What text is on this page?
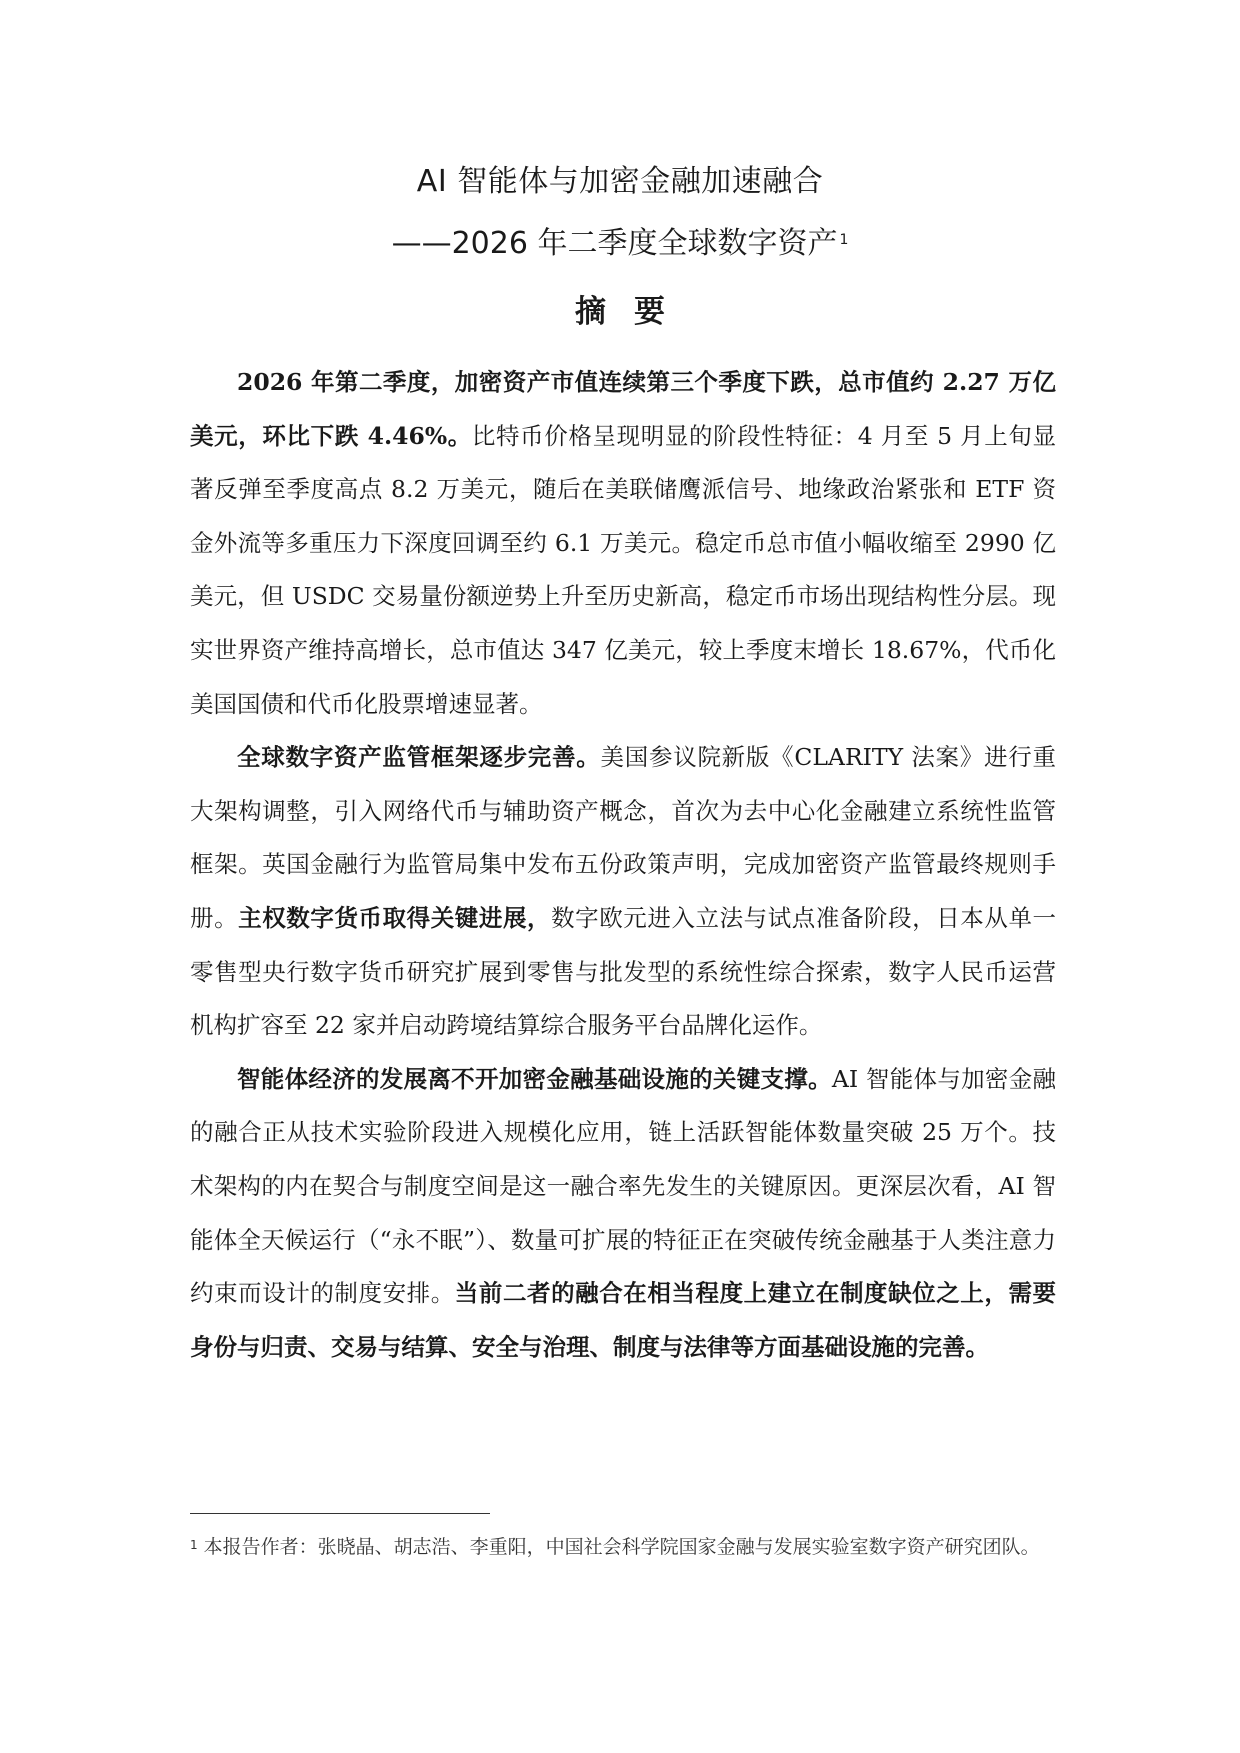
AI 智能体与加密金融加速融合
——2026 年二季度全球数字资产 $^1$
摘要

2026 年第二季度，加密资产市值连续第三个季度下跌，总市值约 2.27 万亿美元，环比下跌 4.46%。比特币价格呈现明显的阶段性特征：4 月至 5 月上旬显著反弹至季度高点 8.2 万美元，随后在美联储鹰派信号、地缘政治紧张和 ETF 资金外流等多重压力下深度回调至约 6.1 万美元。稳定币总市值小幅收缩至 2990 亿美元，但 USDC 交易量份额逆势上升至历史新高，稳定币市场出现结构性分层。现实世界资产维持高增长，总市值达 347 亿美元，较上季度末增长 18.67%，代币化美国国债和代币化股票增速显著。

全球数字资产监管框架逐步完善。美国参议院新版《CLARITY 法案》进行重大架构调整，引入网络代币与辅助资产概念，首次为去中心化金融建立系统性监管框架。英国金融行为监管局集中发布五份政策声明，完成加密资产监管最终规则手册。主权数字货币取得关键进展，数字欧元进入立法与试点准备阶段，日本从单一零售型央行数字货币研究扩展到零售与批发型的系统性综合探索，数字人民币运营机构扩容至 22 家并启动跨境结算综合服务平台品牌化运作。

智能体经济的发展离不开加密金融基础设施的关键支撑。AI 智能体与加密金融的融合正从技术实验阶段进入规模化应用，链上活跃智能体数量突破 25 万个。技术架构的内在契合与制度空间是这一融合率先发生的关键原因。更深层次看，AI 智能体全天候运行（“永不眠”）、数量可扩展的特征正在突破传统金融基于人类注意力约束而设计的制度安排。当前二者的融合在相当程度上建立在制度缺位之上，需要身份与归责、交易与结算、安全与治理、制度与法律等方面基础设施的完善。

$^1$ 本报告作者：张晓晶、胡志浩、李重阳，中国社会科学院国家金融与发展实验室数字资产研究团队。
